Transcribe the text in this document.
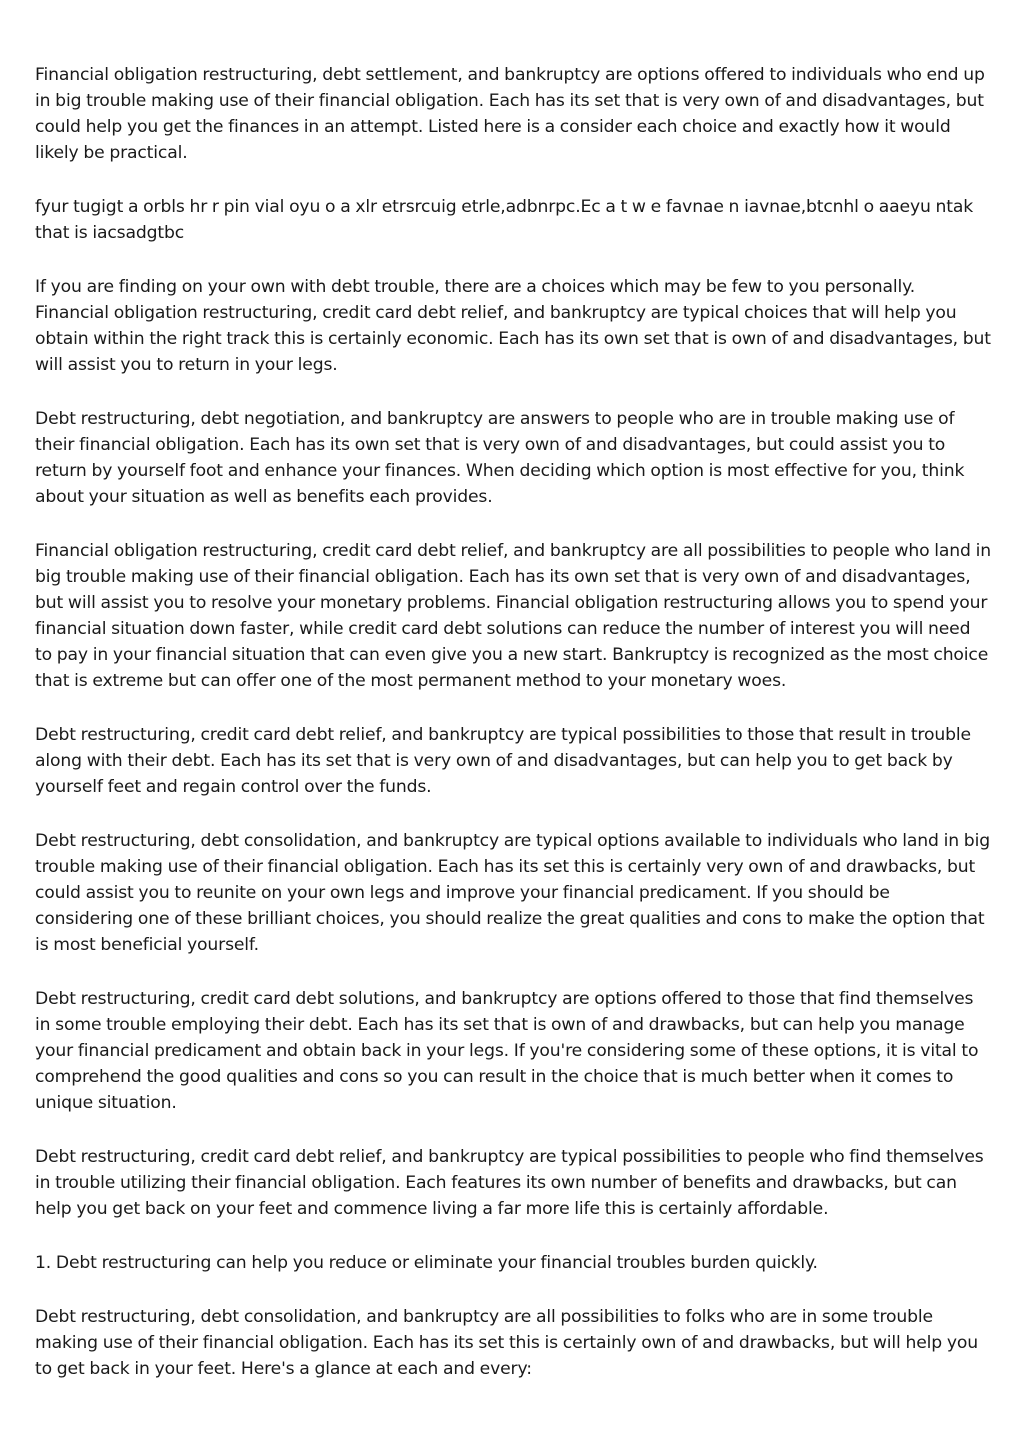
Financial obligation restructuring, debt settlement, and bankruptcy are options offered to individuals who end up in big trouble making use of their financial obligation. Each has its set that is very own of and disadvantages, but could help you get the finances in an attempt. Listed here is a consider each choice and exactly how it would likely be practical.

fyur tugigt a orbls hr r pin vial oyu o a xlr etrsrcuig etrle,adbnrpc.Ec a t w e favnae n iavnae,btcnhl o aaeyu ntak that is iacsadgtbc

If you are finding on your own with debt trouble, there are a choices which may be few to you personally. Financial obligation restructuring, credit card debt relief, and bankruptcy are typical choices that will help you obtain within the right track this is certainly economic. Each has its own set that is own of and disadvantages, but will assist you to return in your legs.

Debt restructuring, debt negotiation, and bankruptcy are answers to people who are in trouble making use of their financial obligation. Each has its own set that is very own of and disadvantages, but could assist you to return by yourself foot and enhance your finances. When deciding which option is most effective for you, think about your situation as well as benefits each provides.

Financial obligation restructuring, credit card debt relief, and bankruptcy are all possibilities to people who land in big trouble making use of their financial obligation. Each has its own set that is very own of and disadvantages, but will assist you to resolve your monetary problems. Financial obligation restructuring allows you to spend your financial situation down faster, while credit card debt solutions can reduce the number of interest you will need to pay in your financial situation that can even give you a new start. Bankruptcy is recognized as the most choice that is extreme but can offer one of the most permanent method to your monetary woes.

Debt restructuring, credit card debt relief, and bankruptcy are typical possibilities to those that result in trouble along with their debt. Each has its set that is very own of and disadvantages, but can help you to get back by yourself feet and regain control over the funds.

Debt restructuring, debt consolidation, and bankruptcy are typical options available to individuals who land in big trouble making use of their financial obligation. Each has its set this is certainly very own of and drawbacks, but could assist you to reunite on your own legs and improve your financial predicament. If you should be considering one of these brilliant choices, you should realize the great qualities and cons to make the option that is most beneficial yourself.

Debt restructuring, credit card debt solutions, and bankruptcy are options offered to those that find themselves in some trouble employing their debt. Each has its set that is own of and drawbacks, but can help you manage your financial predicament and obtain back in your legs. If you're considering some of these options, it is vital to comprehend the good qualities and cons so you can result in the choice that is much better when it comes to unique situation.

Debt restructuring, credit card debt relief, and bankruptcy are typical possibilities to people who find themselves in trouble utilizing their financial obligation. Each features its own number of benefits and drawbacks, but can help you get back on your feet and commence living a far more life this is certainly affordable.

1. Debt restructuring can help you reduce or eliminate your financial troubles burden quickly.

Debt restructuring, debt consolidation, and bankruptcy are all possibilities to folks who are in some trouble making use of their financial obligation. Each has its set this is certainly own of and drawbacks, but will help you to get back in your feet. Here's a glance at each and every:
